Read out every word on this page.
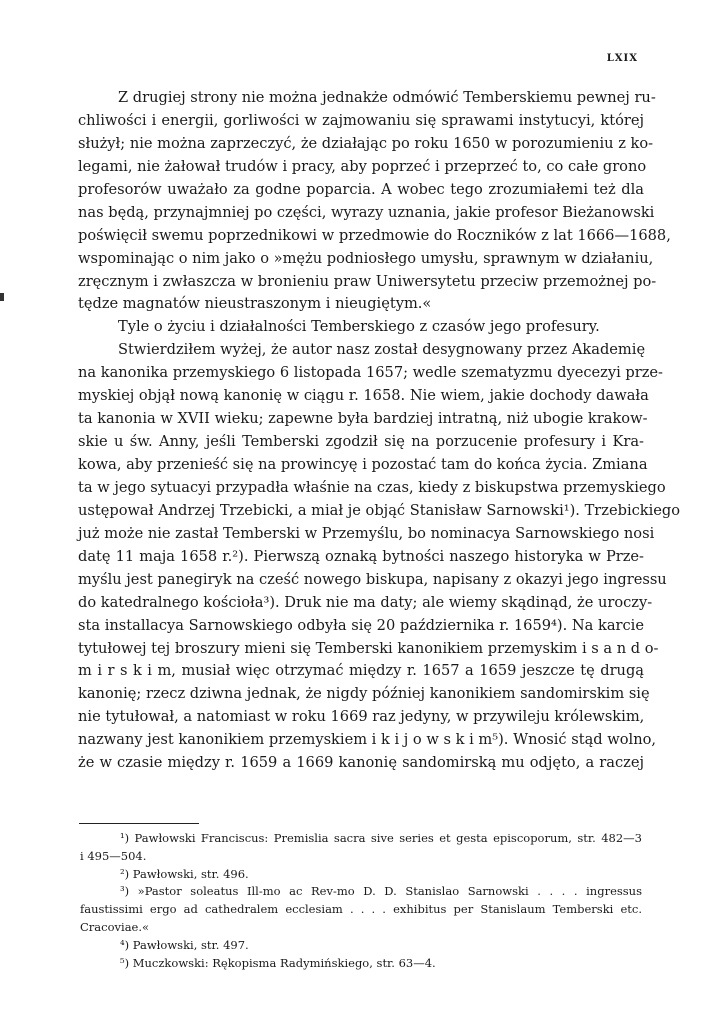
LXIX
Z drugiej strony nie można jednakże odmówić Temberskiemu pewnej ru-
chliwości i energii, gorliwości w zajmowaniu się sprawami instytucyi, której
służył; nie można zaprzeczyć, że działając po roku 1650 w porozumieniu z ko-
legami, nie żałował trudów i pracy, aby poprzeć i przeprzeć to, co całe grono
profesorów uważało za godne poparcia. A wobec tego zrozumiałemi też dla
nas będą, przynajmniej po części, wyrazy uznania, jakie profesor Bieżanowski
poświęcił swemu poprzednikowi w przedmowie do Roczników z lat 1666—1688,
wspominając o nim jako o »mężu podniosłego umysłu, sprawnym w działaniu,
zręcznym i zwłaszcza w bronieniu praw Uniwersytetu przeciw przemożnej po-
tędze magnatów nieustraszonym i nieugiętym.«
Tyle o życiu i działalności Temberskiego z czasów jego profesury.
Stwierdziłem wyżej, że autor nasz został desygnowany przez Akademię
na kanonika przemyskiego 6 listopada 1657; wedle szematyzmu dyecezyi prze-
myskiej objął nową kanonię w ciągu r. 1658. Nie wiem, jakie dochody dawała
ta kanonia w XVII wieku; zapewne była bardziej intratną, niż ubogie krakow-
skie u św. Anny, jeśli Temberski zgodził się na porzucenie profesury i Kra-
kowa, aby przenieść się na prowincyę i pozostać tam do końca życia. Zmiana
ta w jego sytuacyi przypadła właśnie na czas, kiedy z biskupstwa przemyskiego
ustępował Andrzej Trzebicki, a miał je objąć Stanisław Sarnowski¹). Trzebickiego
już może nie zastał Temberski w Przemyślu, bo nominacya Sarnowskiego nosi
datę 11 maja 1658 r.²). Pierwszą oznaką bytności naszego historyka w Prze-
myślu jest panegiryk na cześć nowego biskupa, napisany z okazyi jego ingressu
do katedralnego kościoła³). Druk nie ma daty; ale wiemy skądinąd, że uroczy-
sta installacya Sarnowskiego odbyła się 20 października r. 1659⁴). Na karcie
tytułowej tej broszury mieni się Temberski kanonikiem przemyskim i s a n d o-
m i r s k i m, musiał więc otrzymać między r. 1657 a 1659 jeszcze tę drugą
kanonię; rzecz dziwna jednak, że nigdy później kanonikiem sandomirskim się
nie tytułował, a natomiast w roku 1669 raz jedyny, w przywileju królewskim,
nazwany jest kanonikiem przemyskiem i k i j o w s k i m⁵). Wnosić stąd wolno,
że w czasie między r. 1659 a 1669 kanonię sandomirską mu odjęto, a raczej
¹) Pawłowski Franciscus: Premislia sacra sive series et gesta episcoporum, str. 482—3
i 495—504.
²) Pawłowski, str. 496.
³) »Pastor soleatus Ill-mo ac Rev-mo D. D. Stanislao Sarnowski . . . . ingressus
faustissimi ergo ad cathedralem ecclesiam . . . . exhibitus per Stanislaum Temberski etc.
Cracoviae.«
⁴) Pawłowski, str. 497.
⁵) Muczkowski: Rękopisma Radymińskiego, str. 63—4.
